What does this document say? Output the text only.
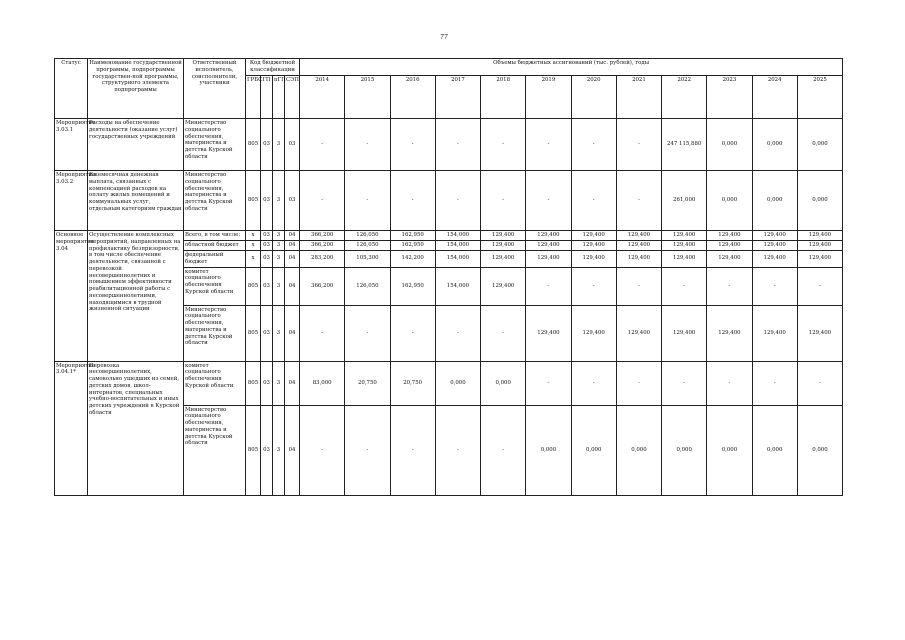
77
Статус	Наименование государственной программы, подпрограммы государствен-ной программы, структурного элемента подпрограммы	Ответственный исполнитель, соисполнители, участники	Код бюджетной классификации				Объемы бюджетных ассигнований (тыс. рублей), годы											
			ГРБС	ГП	пГП	СЭП	2014	2015	2016	2017	2018	2019	2020	2021	2022	2023	2024	2025
Мероприятие 3.03.1	Расходы на обеспечение деятельности (оказание услуг) государственных учреждений	Министерство социального обеспечения, материнства и детства Курской области	805	03	3	03	-	-	-	-	-	-	-	-	247 115,880	0,000	0,000	0,000
Мероприятие 3.03.2	Ежемесячная денежная выплата, связанных с компенсацией расходов на оплату жилых помещений и коммунальных услуг, отдельным категориям граждан	Министерство социального обеспечения, материнства и детства Курской области	805	03	3	03	-	-	-	-	-	-	-	-	261,000	0,000	0,000	0,000
Основное мероприятие 3.04	Осуществление комплексных мероприятий, направленных на профилактику безпризорности, в том числе обеспечение деятельности, связанной с перевозкой несовершеннолетних и повышением эффективности реабилитационной работы с несовершеннолетними, находящимися в трудной жизненной ситуации	Всего, в том числе:	х	03	3	04	366,200	126,050	162,950	154,000	129,400	129,400	129,400	129,400	129,400	129,400	129,400	129,400
		областной бюджет	х	03	3	04	366,200	126,050	162,950	154,000	129,400	129,400	129,400	129,400	129,400	129,400	129,400	129,400
		федеральный бюджет	х	03	3	04	283,200	105,300	142,200	154,000	129,400	129,400	129,400	129,400	129,400	129,400	129,400	129,400
		комитет социального обеспечения Курской области	805	03	3	04	366,200	126,050	162,950	154,000	129,400	-	-	-	-	-	-	-
		Министерство социального обеспечения, материнства и детства Курской области	805	03	3	04	-	-	-	-	-	129,400	129,400	129,400	129,400	129,400	129,400	129,400
Мероприятие 3.04.1*	Перевозка несовершеннолетних, самовольно ушедших из семей, детских домов, школ-интернатов, специальных учебно-воспитательных и иных детских учреждений в Курской области	комитет социального обеспечения Курской области	805	03	3	04	83,000	20,750	20,750	0,000	0,000	-	-	-	-	-	-	-
		Министерство социального обеспечения, материнства и детства Курской области	805	03	3	04	-	-	-	-	-	0,000	0,000	0,000	0,000	0,000	0,000	0,000
